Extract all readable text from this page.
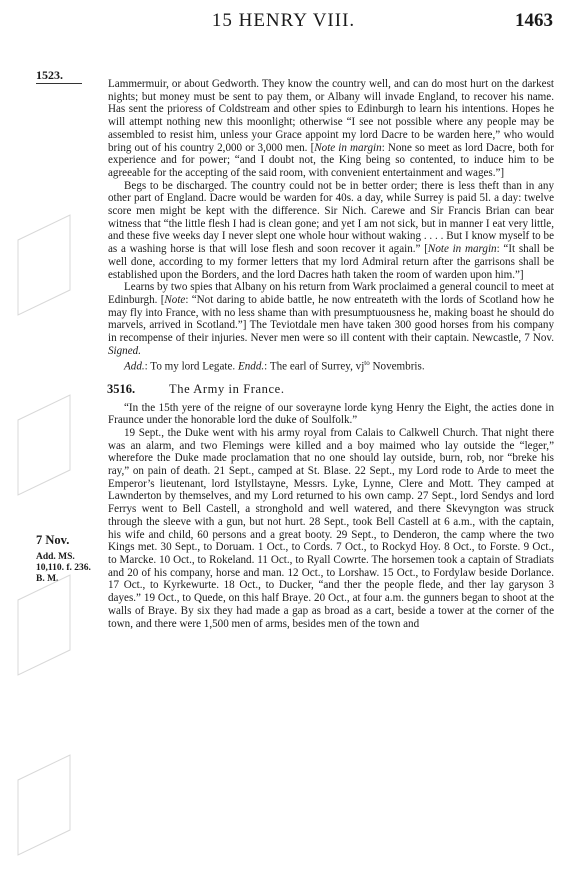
15 HENRY VIII.	1463
1523.
7 Nov.
Add. MS.
10,110. f. 236.
B. M.

Lammermuir, or about Gedworth. They know the country well, and can do most hurt on the darkest nights; but money must be sent to pay them, or Albany will invade England, to recover his name. Has sent the prioress of Coldstream and other spies to Edinburgh to learn his intentions. Hopes he will attempt nothing new this moonlight; otherwise “I see not possible where any people may be assembled to resist him, unless your Grace appoint my lord Dacre to be warden here,” who would bring out of his country 2,000 or 3,000 men. [Note in margin: None so meet as lord Dacre, both for experience and for power; “and I doubt not, the King being so contented, to induce him to be agreeable for the accepting of the said room, with convenient entertainment and wages.”]

Begs to be discharged. The country could not be in better order; there is less theft than in any other part of England. Dacre would be warden for 40s. a day, while Surrey is paid 5l. a day: twelve score men might be kept with the difference. Sir Nich. Carewe and Sir Francis Brian can bear witness that “the little flesh I had is clean gone; and yet I am not sick, but in manner I eat very little, and these five weeks day I never slept one whole hour without waking . . . . But I know myself to be as a washing horse is that will lose flesh and soon recover it again.” [Note in margin: “It shall be well done, according to my former letters that my lord Admiral return after the garrisons shall be established upon the Borders, and the lord Dacres hath taken the room of warden upon him.”]

Learns by two spies that Albany on his return from Wark proclaimed a general council to meet at Edinburgh. [Note: “Not daring to abide battle, he now entreateth with the lords of Scotland how he may fly into France, with no less shame than with presumptuousness he, making boast he should do marvels, arrived in Scotland.”] The Teviotdale men have taken 300 good horses from his company in recompense of their injuries. Never men were so ill content with their captain. Newcastle, 7 Nov. Signed.

Add.: To my lord Legate. Endd.: The earl of Surrey, $vj^{to}$ Novembris.

3516.	The Army in France.

“In the 15th yere of the reigne of our soverayne lorde kyng Henry the Eight, the acties done in Fraunce under the honorable lord the duke of Soulfolk.”

19 Sept., the Duke went with his army royal from Calais to Calkwell Church. That night there was an alarm, and two Flemings were killed and a boy maimed who lay outside the “leger,” wherefore the Duke made proclamation that no one should lay outside, burn, rob, nor “breke his ray,” on pain of death. 21 Sept., camped at St. Blase. 22 Sept., my Lord rode to Arde to meet the Emperor’s lieutenant, lord Istyllstayne, Messrs. Lyke, Lynne, Clere and Mott. They camped at Lawnderton by themselves, and my Lord returned to his own camp. 27 Sept., lord Sendys and lord Ferrys went to Bell Castell, a stronghold and well watered, and there Skevyngton was struck through the sleeve with a gun, but not hurt. 28 Sept., took Bell Castell at 6 a.m., with the captain, his wife and child, 60 persons and a great booty. 29 Sept., to Denderon, the camp where the two Kings met. 30 Sept., to Doruam. 1 Oct., to Cords. 7 Oct., to Rockyd Hoy. 8 Oct., to Forste. 9 Oct., to Marcke. 10 Oct., to Rokeland. 11 Oct., to Ryall Cowrte. The horsemen took a captain of Stradiats and 20 of his company, horse and man. 12 Oct., to Lorshaw. 15 Oct., to Fordylaw beside Dorlance. 17 Oct., to Kyrkewurte. 18 Oct., to Ducker, “and ther the people flede, and ther lay garyson 3 dayes.” 19 Oct., to Quede, on this half Braye. 20 Oct., at four a.m. the gunners began to shoot at the walls of Braye. By six they had made a gap as broad as a cart, beside a tower at the corner of the town, and there were 1,500 men of arms, besides men of the town and
